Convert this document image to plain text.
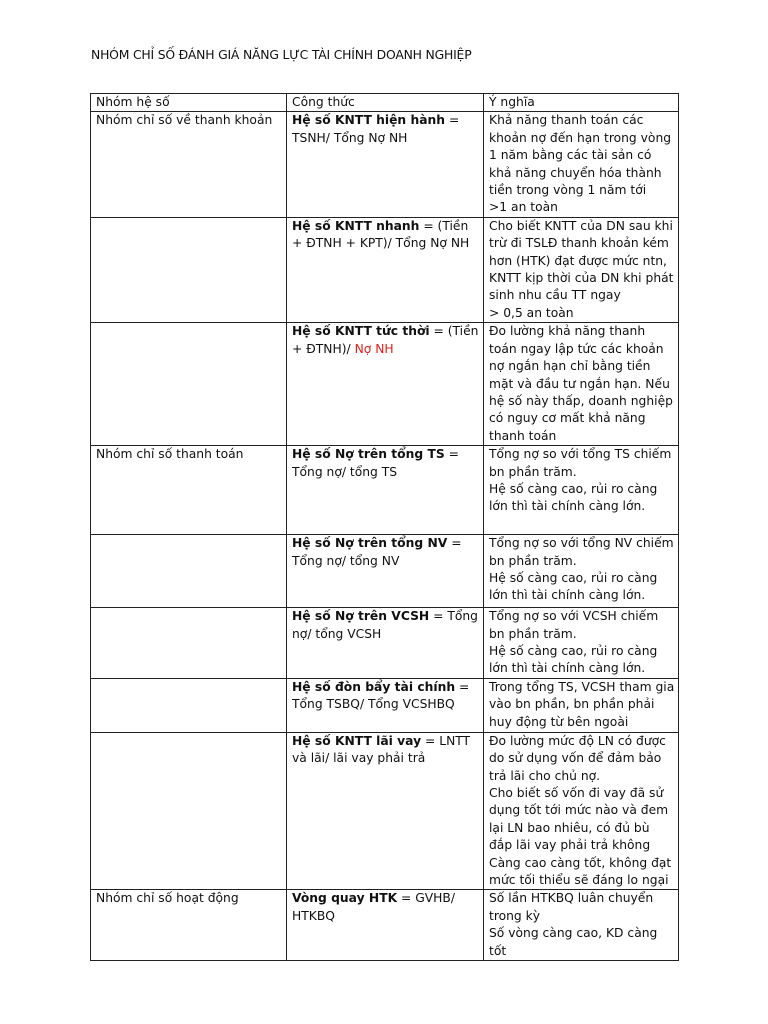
NHÓM CHỈ SỐ ĐÁNH GIÁ NĂNG LỰC TÀI CHÍNH DOANH NGHIỆP
Nhóm hệ số	Công thức	Ý nghĩa
Nhóm chỉ số về thanh khoản	Hệ số KNTT hiện hành = TSNH/ Tổng Nợ NH	Khả năng thanh toán các khoản nợ đến hạn trong vòng 1 năm bằng các tài sản có khả năng chuyển hóa thành tiền trong vòng 1 năm tới
>1 an toàn

	Hệ số KNTT nhanh = (Tiền + ĐTNH + KPT)/ Tổng Nợ NH	Cho biết KNTT của DN sau khi trừ đi TSLĐ thanh khoản kém hơn (HTK) đạt được mức ntn, KNTT kịp thời của DN khi phát sinh nhu cầu TT ngay
> 0,5 an toàn

	Hệ số KNTT tức thời = (Tiền + ĐTNH)/ Nợ NH	Đo lường khả năng thanh toán ngay lập tức các khoản nợ ngắn hạn chỉ bằng tiền mặt và đầu tư ngắn hạn. Nếu hệ số này thấp, doanh nghiệp có nguy cơ mất khả năng thanh toán

Nhóm chỉ số thanh toán	Hệ số Nợ trên tổng TS = Tổng nợ/ tổng TS	Tổng nợ so với tổng TS chiếm bn phần trăm.
Hệ số càng cao, rủi ro càng lớn thì tài chính càng lớn.

	Hệ số Nợ trên tổng NV = Tổng nợ/ tổng NV	Tổng nợ so với tổng NV chiếm bn phần trăm.
Hệ số càng cao, rủi ro càng lớn thì tài chính càng lớn.

	Hệ số Nợ trên VCSH = Tổng nợ/ tổng VCSH	Tổng nợ so với VCSH chiếm bn phần trăm.
Hệ số càng cao, rủi ro càng lớn thì tài chính càng lớn.

	Hệ số đòn bẩy tài chính = Tổng TSBQ/ Tổng VCSHBQ	Trong tổng TS, VCSH tham gia vào bn phần, bn phần phải huy động từ bên ngoài

	Hệ số KNTT lãi vay = LNTT và lãi/ lãi vay phải trả	Đo lường mức độ LN có được do sử dụng vốn để đảm bảo trả lãi cho chủ nợ.
Cho biết số vốn đi vay đã sử dụng tốt tới mức nào và đem lại LN bao nhiêu, có đủ bù đắp lãi vay phải trả không
Càng cao càng tốt, không đạt mức tối thiểu sẽ đáng lo ngại

Nhóm chỉ số hoạt động	Vòng quay HTK = GVHB/ HTKBQ	Số lần HTKBQ luân chuyển trong kỳ
Số vòng càng cao, KD càng tốt
